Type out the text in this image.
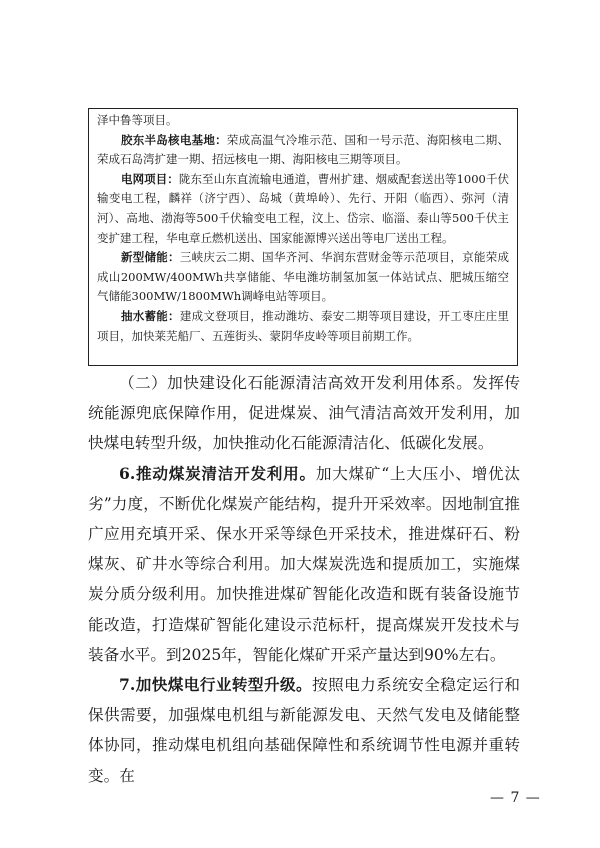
泽中鲁等项目。

胶东半岛核电基地：荣成高温气冷堆示范、国和一号示范、海阳核电二期、荣成石岛湾扩建一期、招远核电一期、海阳核电三期等项目。

电网项目：陇东至山东直流输电通道，曹州扩建、烟威配套送出等1000千伏输变电工程，麟祥（济宁西）、岛城（黄埠岭）、先行、开阳（临西）、弥河（清河）、高地、渤海等500千伏输变电工程，汶上、岱宗、临淄、泰山等500千伏主变扩建工程，华电章丘燃机送出、国家能源博兴送出等电厂送出工程。

新型储能：三峡庆云二期、国华齐河、华润东营财金等示范项目，京能荣成成山200MW/400MWh共享储能、华电潍坊制氢加氢一体站试点、肥城压缩空气储能300MW/1800MWh调峰电站等项目。

抽水蓄能：建成文登项目，推动潍坊、泰安二期等项目建设，开工枣庄庄里项目，加快莱芜船厂、五莲街头、蒙阴华皮岭等项目前期工作。

（二）加快建设化石能源清洁高效开发利用体系。发挥传统能源兜底保障作用，促进煤炭、油气清洁高效开发利用，加快煤电转型升级，加快推动化石能源清洁化、低碳化发展。

6.推动煤炭清洁开发利用。加大煤矿“上大压小、增优汰劣”力度，不断优化煤炭产能结构，提升开采效率。因地制宜推广应用充填开采、保水开采等绿色开采技术，推进煤矸石、粉煤灰、矿井水等综合利用。加大煤炭洗选和提质加工，实施煤炭分质分级利用。加快推进煤矿智能化改造和既有装备设施节能改造，打造煤矿智能化建设示范标杆，提高煤炭开发技术与装备水平。到2025年，智能化煤矿开采产量达到90%左右。

7.加快煤电行业转型升级。按照电力系统安全稳定运行和保供需要，加强煤电机组与新能源发电、天然气发电及储能整体协同，推动煤电机组向基础保障性和系统调节性电源并重转变。在

— 7 —
